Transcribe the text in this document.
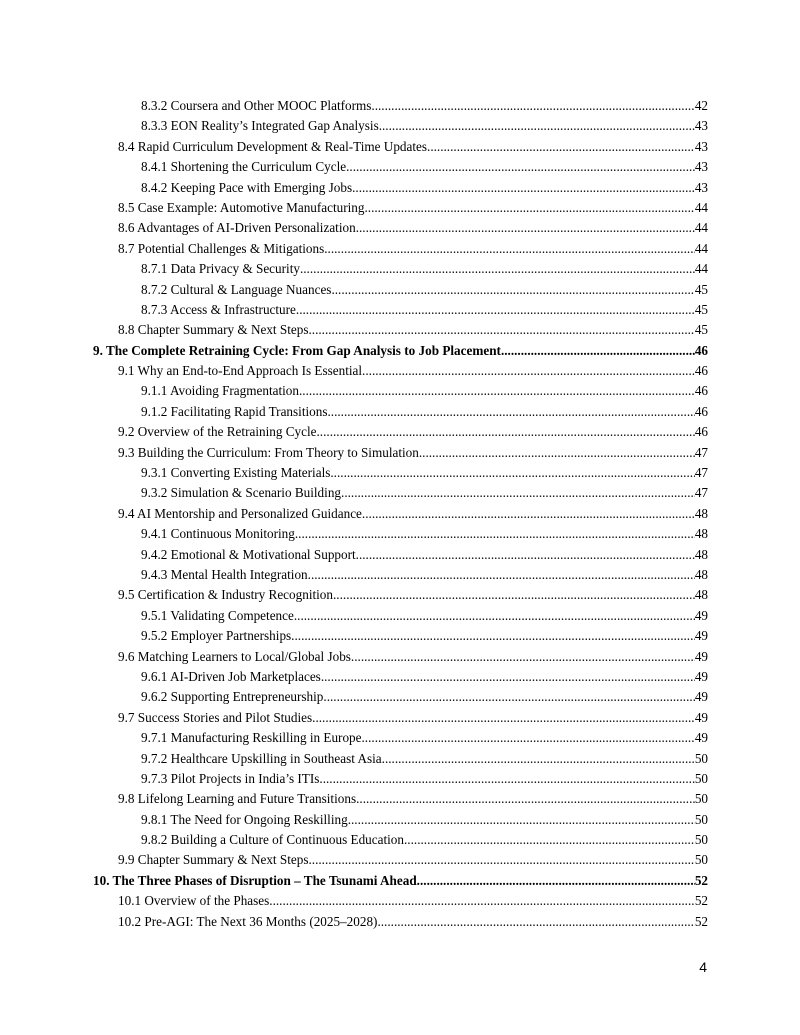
8.3.2 Coursera and Other MOOC Platforms .....	42
8.3.3 EON Reality’s Integrated Gap Analysis .....	43
8.4 Rapid Curriculum Development & Real-Time Updates .....	43
8.4.1 Shortening the Curriculum Cycle .....	43
8.4.2 Keeping Pace with Emerging Jobs .....	43
8.5 Case Example: Automotive Manufacturing .....	44
8.6 Advantages of AI-Driven Personalization .....	44
8.7 Potential Challenges & Mitigations .....	44
8.7.1 Data Privacy & Security .....	44
8.7.2 Cultural & Language Nuances .....	45
8.7.3 Access & Infrastructure .....	45
8.8 Chapter Summary & Next Steps .....	45
9. The Complete Retraining Cycle: From Gap Analysis to Job Placement .....	46
9.1 Why an End-to-End Approach Is Essential .....	46
9.1.1 Avoiding Fragmentation .....	46
9.1.2 Facilitating Rapid Transitions .....	46
9.2 Overview of the Retraining Cycle .....	46
9.3 Building the Curriculum: From Theory to Simulation .....	47
9.3.1 Converting Existing Materials .....	47
9.3.2 Simulation & Scenario Building .....	47
9.4 AI Mentorship and Personalized Guidance .....	48
9.4.1 Continuous Monitoring .....	48
9.4.2 Emotional & Motivational Support .....	48
9.4.3 Mental Health Integration .....	48
9.5 Certification & Industry Recognition .....	48
9.5.1 Validating Competence .....	49
9.5.2 Employer Partnerships .....	49
9.6 Matching Learners to Local/Global Jobs .....	49
9.6.1 AI-Driven Job Marketplaces .....	49
9.6.2 Supporting Entrepreneurship .....	49
9.7 Success Stories and Pilot Studies .....	49
9.7.1 Manufacturing Reskilling in Europe .....	49
9.7.2 Healthcare Upskilling in Southeast Asia .....	50
9.7.3 Pilot Projects in India’s ITIs .....	50
9.8 Lifelong Learning and Future Transitions .....	50
9.8.1 The Need for Ongoing Reskilling .....	50
9.8.2 Building a Culture of Continuous Education .....	50
9.9 Chapter Summary & Next Steps .....	50
10. The Three Phases of Disruption – The Tsunami Ahead .....	52
10.1 Overview of the Phases .....	52
10.2 Pre-AGI: The Next 36 Months (2025–2028) .....	52
4
